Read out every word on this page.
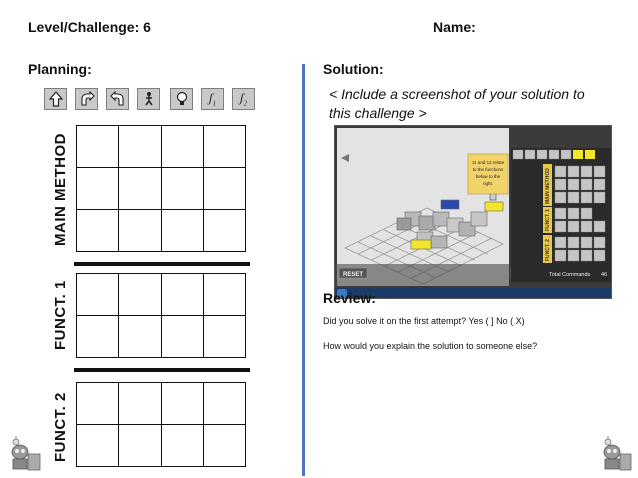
Level/Challenge: 6	Name:
Planning:
ʃ$_1$ ʃ$_2$
MAIN METHOD

FUNCT. 1

FUNCT. 2

Solution:
< Include a screenshot of your solution to this challenge >
11 and 12 relate
to the functions
below to the
right.
RESET
MAIN METHOD
FUNCT. 1
FUNCT. 2
Total Commands 46
Review:
Did you solve it on the first attempt? Yes ( ] No ( X)
How would you explain the solution to someone else?
